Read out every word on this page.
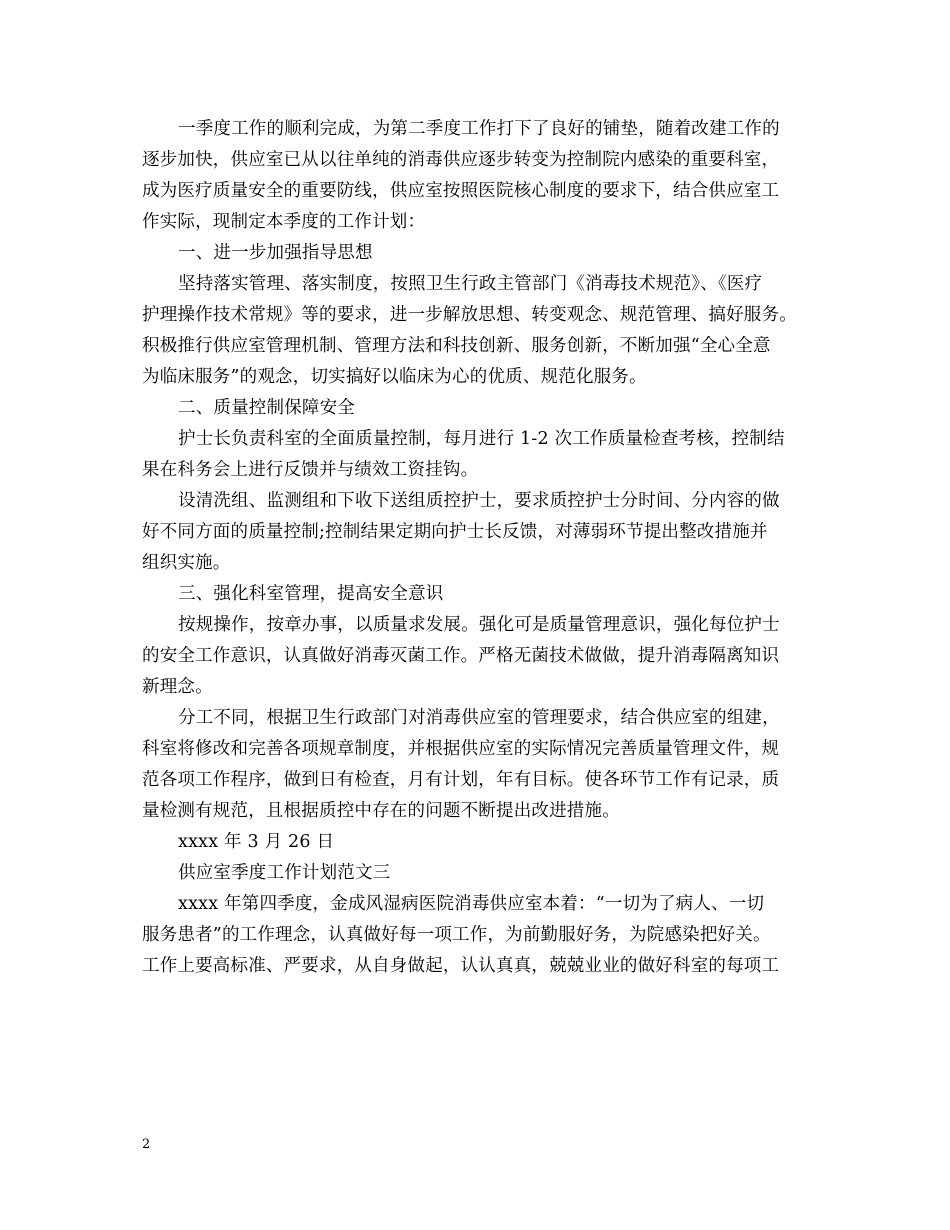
一季度工作的顺利完成，为第二季度工作打下了良好的铺垫，随着改建工作的
逐步加快，供应室已从以往单纯的消毒供应逐步转变为控制院内感染的重要科室，
成为医疗质量安全的重要防线，供应室按照医院核心制度的要求下，结合供应室工
作实际，现制定本季度的工作计划：
一、进一步加强指导思想
坚持落实管理、落实制度，按照卫生行政主管部门《消毒技术规范》、《医疗
护理操作技术常规》等的要求，进一步解放思想、转变观念、规范管理、搞好服务。
积极推行供应室管理机制、管理方法和科技创新、服务创新，不断加强“全心全意
为临床服务”的观念，切实搞好以临床为心的优质、规范化服务。
二、质量控制保障安全
护士长负责科室的全面质量控制，每月进行 1-2 次工作质量检查考核，控制结
果在科务会上进行反馈并与绩效工资挂钩。
设清洗组、监测组和下收下送组质控护士，要求质控护士分时间、分内容的做
好不同方面的质量控制;控制结果定期向护士长反馈，对薄弱环节提出整改措施并
组织实施。
三、强化科室管理，提高安全意识
按规操作，按章办事，以质量求发展。强化可是质量管理意识，强化每位护士
的安全工作意识，认真做好消毒灭菌工作。严格无菌技术做做，提升消毒隔离知识
新理念。
分工不同，根据卫生行政部门对消毒供应室的管理要求，结合供应室的组建，
科室将修改和完善各项规章制度，并根据供应室的实际情况完善质量管理文件，规
范各项工作程序，做到日有检查，月有计划，年有目标。使各环节工作有记录，质
量检测有规范，且根据质控中存在的问题不断提出改进措施。
xxxx 年 3 月 26 日
供应室季度工作计划范文三
xxxx 年第四季度，金成风湿病医院消毒供应室本着：“一切为了病人、一切
服务患者”的工作理念，认真做好每一项工作，为前勤服好务，为院感染把好关。
工作上要高标准、严要求，从自身做起，认认真真，兢兢业业的做好科室的每项工
2
